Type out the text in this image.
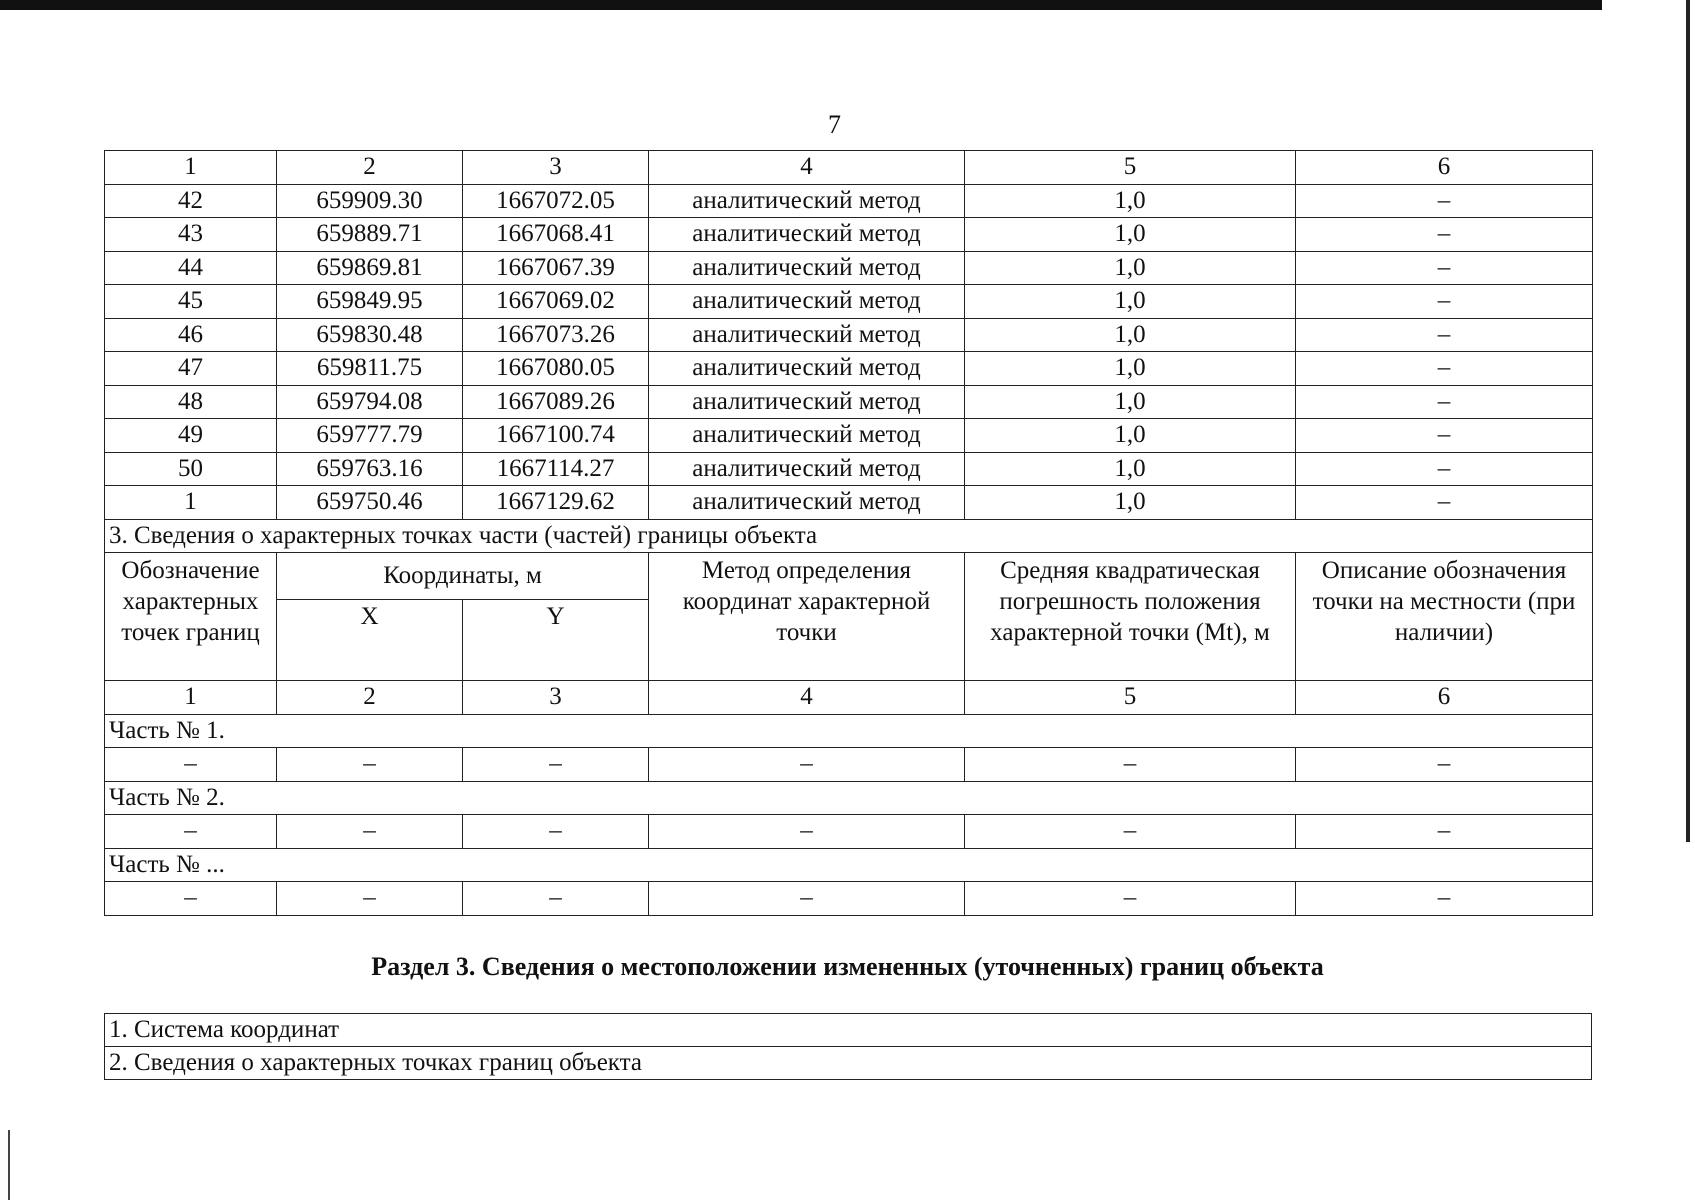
7
1	2	3	4	5	6
42	659909.30	1667072.05	аналитический метод	1,0	–
43	659889.71	1667068.41	аналитический метод	1,0	–
44	659869.81	1667067.39	аналитический метод	1,0	–
45	659849.95	1667069.02	аналитический метод	1,0	–
46	659830.48	1667073.26	аналитический метод	1,0	–
47	659811.75	1667080.05	аналитический метод	1,0	–
48	659794.08	1667089.26	аналитический метод	1,0	–
49	659777.79	1667100.74	аналитический метод	1,0	–
50	659763.16	1667114.27	аналитический метод	1,0	–
1	659750.46	1667129.62	аналитический метод	1,0	–
3. Сведения о характерных точках части (частей) границы объекта					
Обозначение характерных точек границ	Координаты, м		Метод определения координат характерной точки	Средняя квадратическая погрешность положения характерной точки (Mt), м	Описание обозначения точки на местности (при наличии)
	X	Y			
1	2	3	4	5	6
Часть № 1.					
–	–	–	–	–	–
Часть № 2.					
–	–	–	–	–	–
Часть № ...					
–	–	–	–	–	–
Раздел 3. Сведения о местоположении измененных (уточненных) границ объекта
1. Система координат
2. Сведения о характерных точках границ объекта
